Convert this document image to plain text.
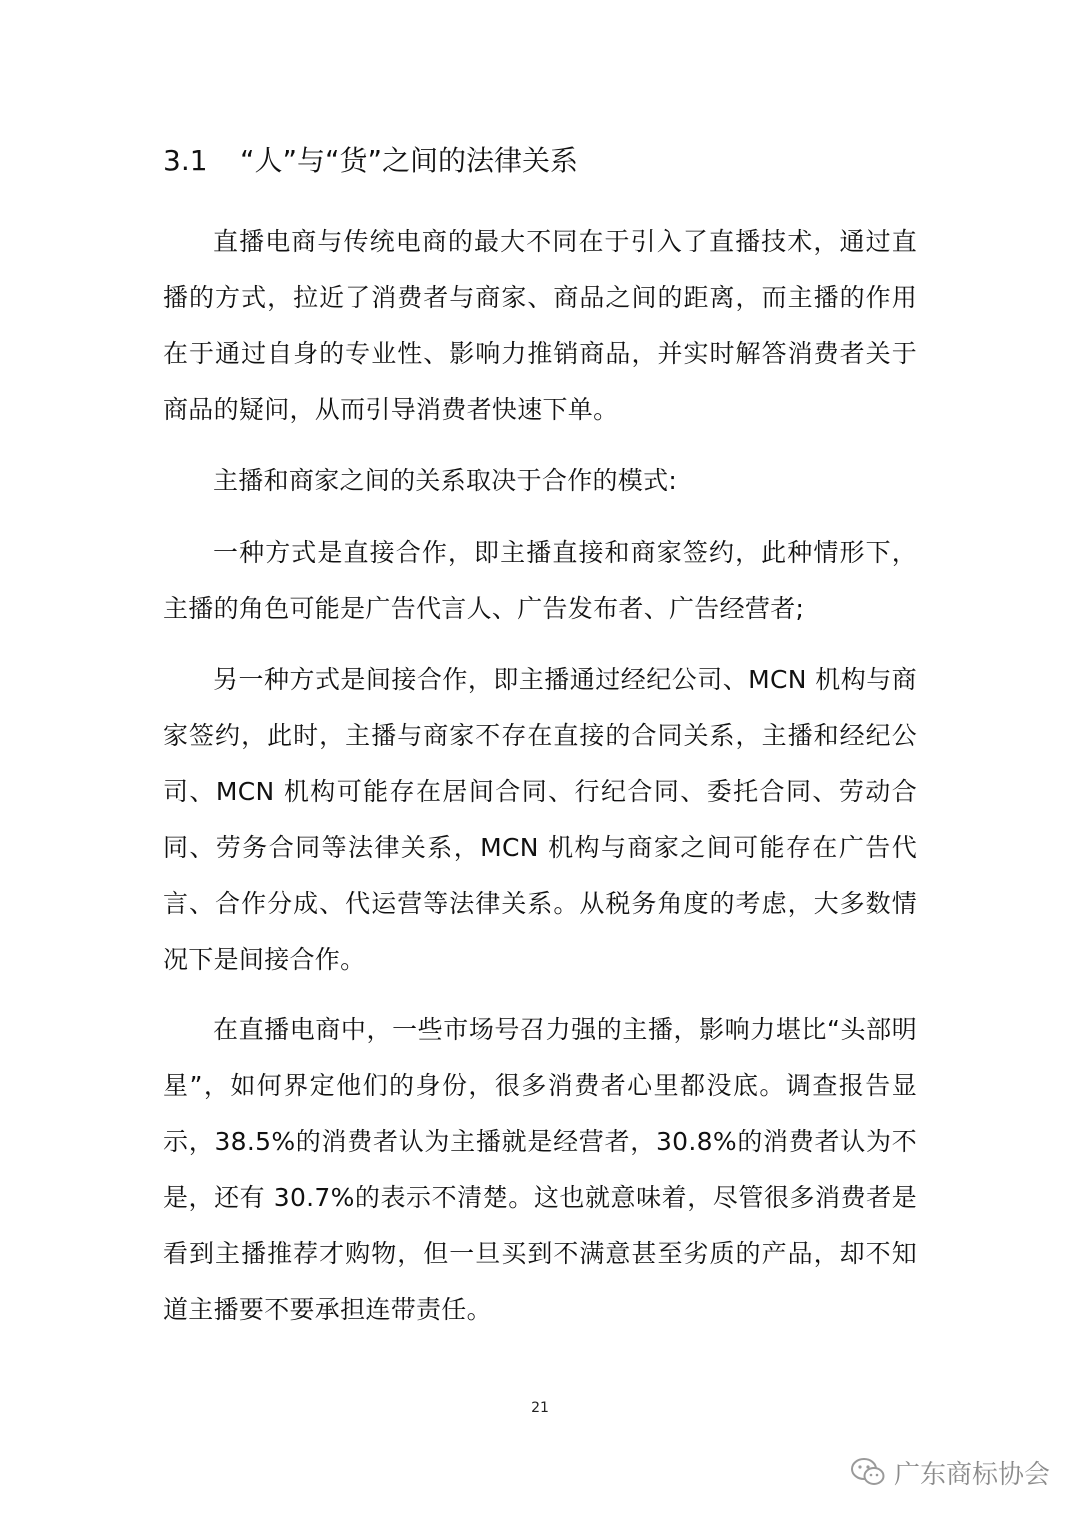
3.1 “人”与“货”之间的法律关系

直播电商与传统电商的最大不同在于引入了直播技术，通过直播的方式，拉近了消费者与商家、商品之间的距离，而主播的作用在于通过自身的专业性、影响力推销商品，并实时解答消费者关于商品的疑问，从而引导消费者快速下单。

主播和商家之间的关系取决于合作的模式:

一种方式是直接合作，即主播直接和商家签约，此种情形下，主播的角色可能是广告代言人、广告发布者、广告经营者;

另一种方式是间接合作，即主播通过经纪公司、MCN 机构与商家签约，此时，主播与商家不存在直接的合同关系，主播和经纪公司、MCN 机构可能存在居间合同、行纪合同、委托合同、劳动合同、劳务合同等法律关系，MCN 机构与商家之间可能存在广告代言、合作分成、代运营等法律关系。从税务角度的考虑，大多数情况下是间接合作。

在直播电商中，一些市场号召力强的主播，影响力堪比“头部明星”，如何界定他们的身份，很多消费者心里都没底。调查报告显示，38.5%的消费者认为主播就是经营者，30.8%的消费者认为不是，还有 30.7%的表示不清楚。这也就意味着，尽管很多消费者是看到主播推荐才购物，但一旦买到不满意甚至劣质的产品，却不知道主播要不要承担连带责任。

21
广东商标协会
